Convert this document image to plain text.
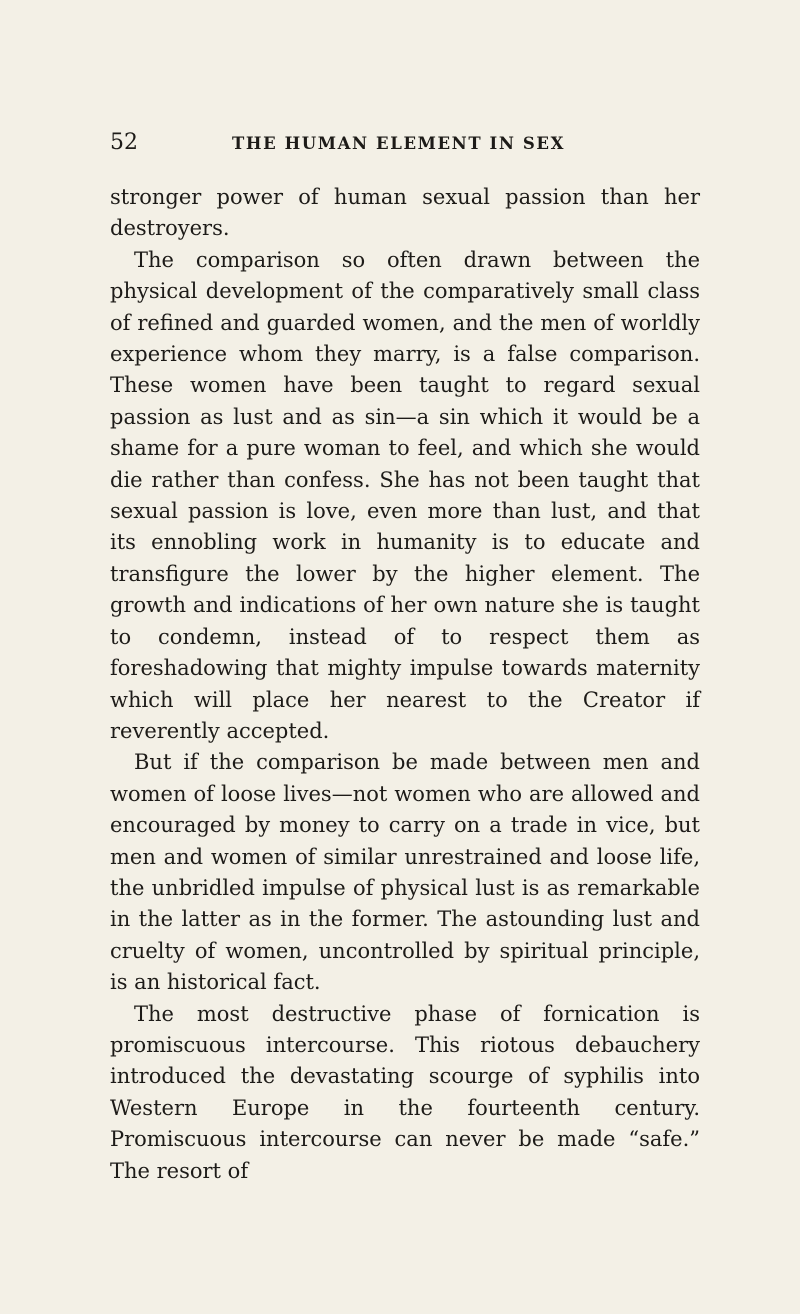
52	THE HUMAN ELEMENT IN SEX

stronger power of human sexual passion than her destroyers.

The comparison so often drawn between the physical development of the comparatively small class of refined and guarded women, and the men of worldly experience whom they marry, is a false comparison. These women have been taught to regard sexual passion as lust and as sin—a sin which it would be a shame for a pure woman to feel, and which she would die rather than confess. She has not been taught that sexual passion is love, even more than lust, and that its ennobling work in humanity is to educate and transfigure the lower by the higher element. The growth and indications of her own nature she is taught to condemn, instead of to respect them as foreshadowing that mighty impulse towards maternity which will place her nearest to the Creator if reverently accepted.

But if the comparison be made between men and women of loose lives—not women who are allowed and encouraged by money to carry on a trade in vice, but men and women of similar unrestrained and loose life, the unbridled impulse of physical lust is as remarkable in the latter as in the former. The astounding lust and cruelty of women, uncontrolled by spiritual principle, is an historical fact.

The most destructive phase of fornication is promiscuous intercourse. This riotous debauchery introduced the devastating scourge of syphilis into Western Europe in the fourteenth century. Promiscuous intercourse can never be made “safe.” The resort of
